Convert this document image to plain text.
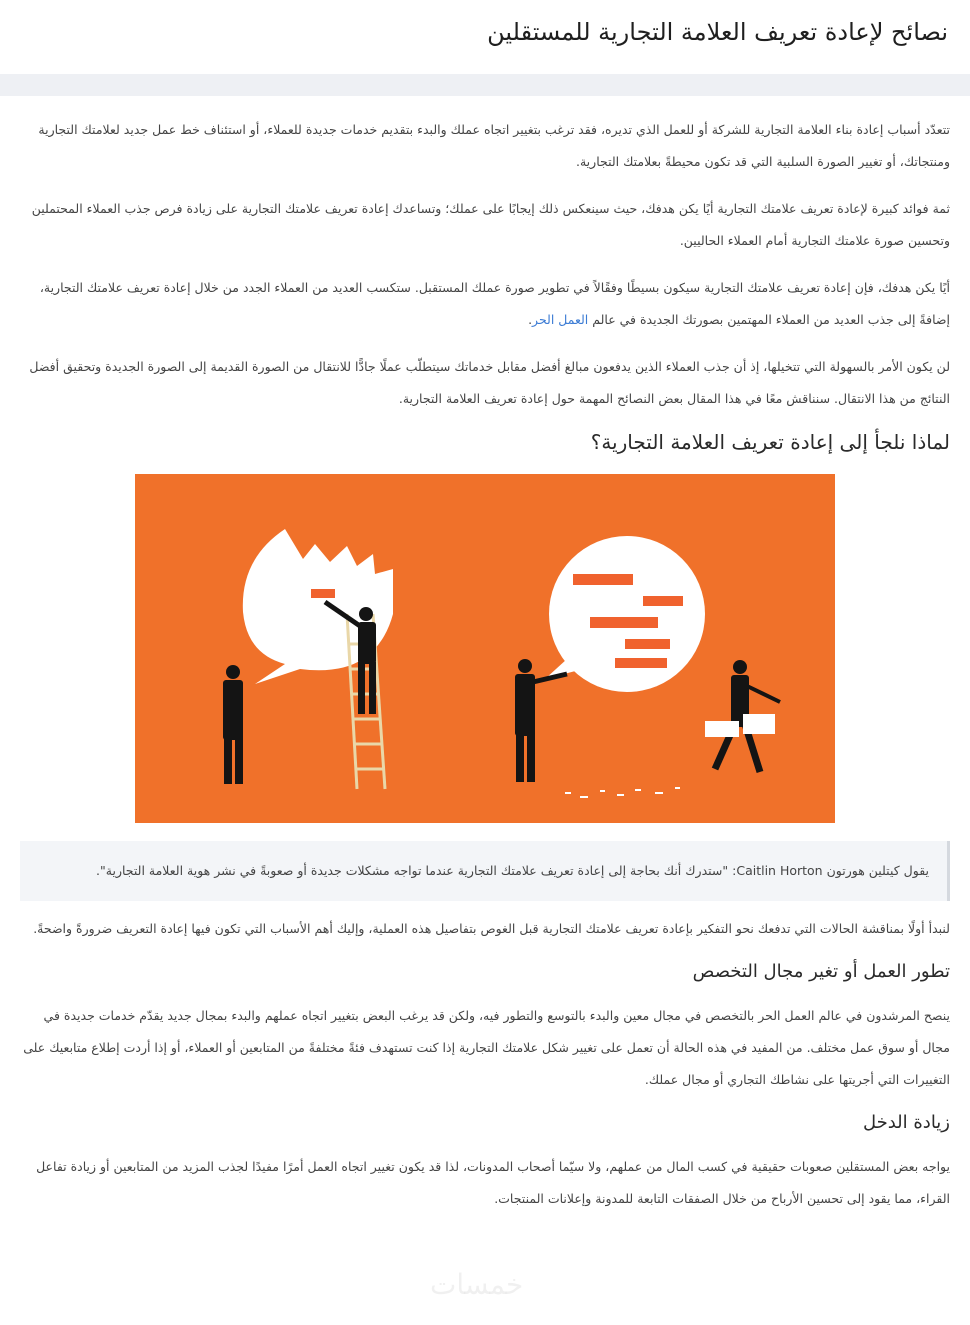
نصائح لإعادة تعريف العلامة التجارية للمستقلين

تتعدّد أسباب إعادة بناء العلامة التجارية للشركة أو للعمل الذي تديره، فقد ترغب بتغيير اتجاه عملك والبدء بتقديم خدمات جديدة للعملاء، أو استئناف خط عمل جديد لعلامتك التجارية ومنتجاتك، أو تغيير الصورة السلبية التي قد تكون محيطةً بعلامتك التجارية.

ثمة فوائد كبيرة لإعادة تعريف علامتك التجارية أيًا يكن هدفك، حيث سينعكس ذلك إيجابًا على عملك؛ وتساعدك إعادة تعريف علامتك التجارية على زيادة فرص جذب العملاء المحتملين وتحسين صورة علامتك التجارية أمام العملاء الحاليين.

أيًا يكن هدفك، فإن إعادة تعريف علامتك التجارية سيكون بسيطًا وفقًالاً في تطوير صورة عملك المستقبل. ستكسب العديد من العملاء الجدد من خلال إعادة تعريف علامتك التجارية، إضافةً إلى جذب العديد من العملاء المهتمين بصورتك الجديدة في عالم العمل الحر.

لن يكون الأمر بالسهولة التي تتخيلها، إذ أن جذب العملاء الذين يدفعون مبالغ أفضل مقابل خدماتك سيتطلّب عملًا جادًّا للانتقال من الصورة القديمة إلى الصورة الجديدة وتحقيق أفضل النتائج من هذا الانتقال. سنناقش معًا في هذا المقال بعض النصائح المهمة حول إعادة تعريف العلامة التجارية.

لماذا نلجأ إلى إعادة تعريف العلامة التجارية؟
يقول كيتلين هورتون Caitlin Horton: "ستدرك أنك بحاجة إلى إعادة تعريف علامتك التجارية عندما تواجه مشكلات جديدة أو صعوبةً في نشر هوية العلامة التجارية".

لنبدأ أولًا بمناقشة الحالات التي تدفعك نحو التفكير بإعادة تعريف علامتك التجارية قبل الغوص بتفاصيل هذه العملية، وإليك أهم الأسباب التي تكون فيها إعادة التعريف ضرورةً واضحةً.

تطور العمل أو تغير مجال التخصص

ينصح المرشدون في عالم العمل الحر بالتخصص في مجال معين والبدء بالتوسع والتطور فيه، ولكن قد يرغب البعض بتغيير اتجاه عملهم والبدء بمجال جديد يقدّم خدمات جديدة في مجال أو سوق عمل مختلف. من المفيد في هذه الحالة أن تعمل على تغيير شكل علامتك التجارية إذا كنت تستهدف فئةً مختلفةً من المتابعين أو العملاء، أو إذا أردت إطلاع متابعيك على التغييرات التي أجريتها على نشاطك التجاري أو مجال عملك.

زيادة الدخل

يواجه بعض المستقلين صعوبات حقيقية في كسب المال من عملهم، ولا سيّما أصحاب المدونات، لذا قد يكون تغيير اتجاه العمل أمرًا مفيدًا لجذب المزيد من المتابعين أو زيادة تفاعل القراء، مما يقود إلى تحسين الأرباح من خلال الصفقات التابعة للمدونة وإعلانات المنتجات.

خمسات
